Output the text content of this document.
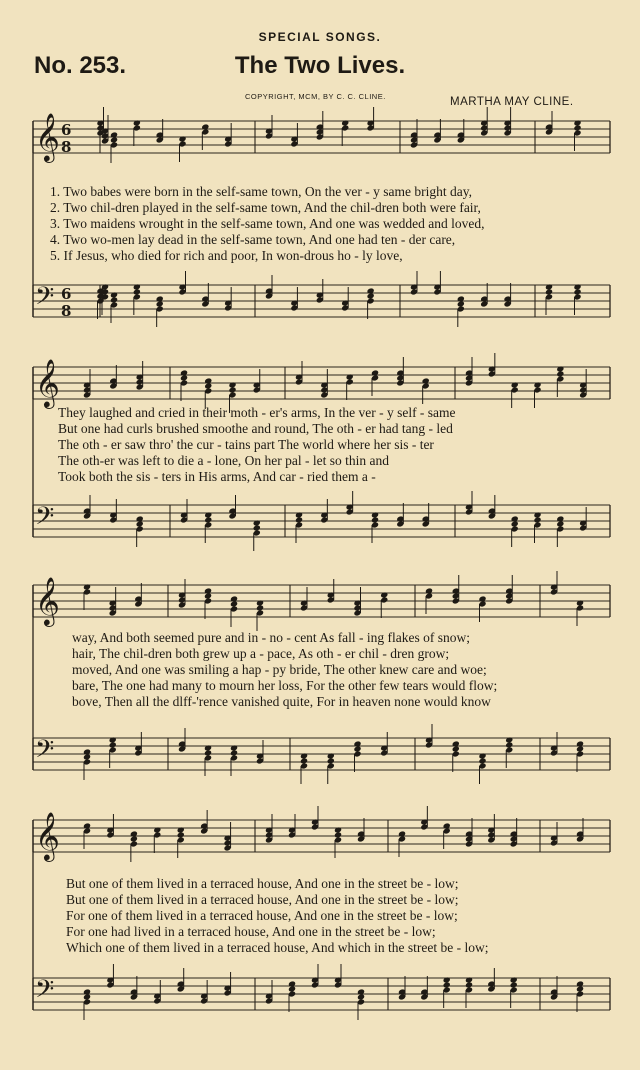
SPECIAL SONGS.
No. 253.	The Two Lives.
COPYRIGHT, MCM, BY C. C. CLINE.	MARTHA MAY CLINE.
𝄞 6
8
𝄢 6
8
𝄞
𝄢
𝄞
𝄢
𝄞
𝄢
1. Two babes were born in the self-same town, On the ver - y same bright day,
2. Two chil-dren played in the self-same town, And the chil-dren both were fair,
3. Two maidens wrought in the self-same town, And one was wedded and loved,
4. Two wo-men lay dead in the self-same town, And one had ten - der care,
5. If Jesus, who died for rich and poor, In won-drous ho - ly love,
They laughed and cried in their moth - er's arms, In the ver - y self - same
But one had curls brushed smoothe and round, The oth - er had tang - led
The oth - er saw thro' the cur - tains part The world where her sis - ter
The oth-er was left to die a - lone, On her pal - let so thin and
Took both the sis - ters in His arms, And car - ried them a -
way, And both seemed pure and in - no - cent As fall - ing flakes of snow;
hair, The chil-dren both grew up a - pace, As oth - er chil - dren grow;
moved, And one was smiling a hap - py bride, The other knew care and woe;
bare, The one had many to mourn her loss, For the other few tears would flow;
bove, Then all the dlff-'rence vanished quite, For in heaven none would know
But one of them lived in a terraced house, And one in the street be - low;
But one of them lived in a terraced house, And one in the street be - low;
For one of them lived in a terraced house, And one in the street be - low;
For one had lived in a terraced house, And one in the street be - low;
Which one of them lived in a terraced house, And which in the street be - low;
